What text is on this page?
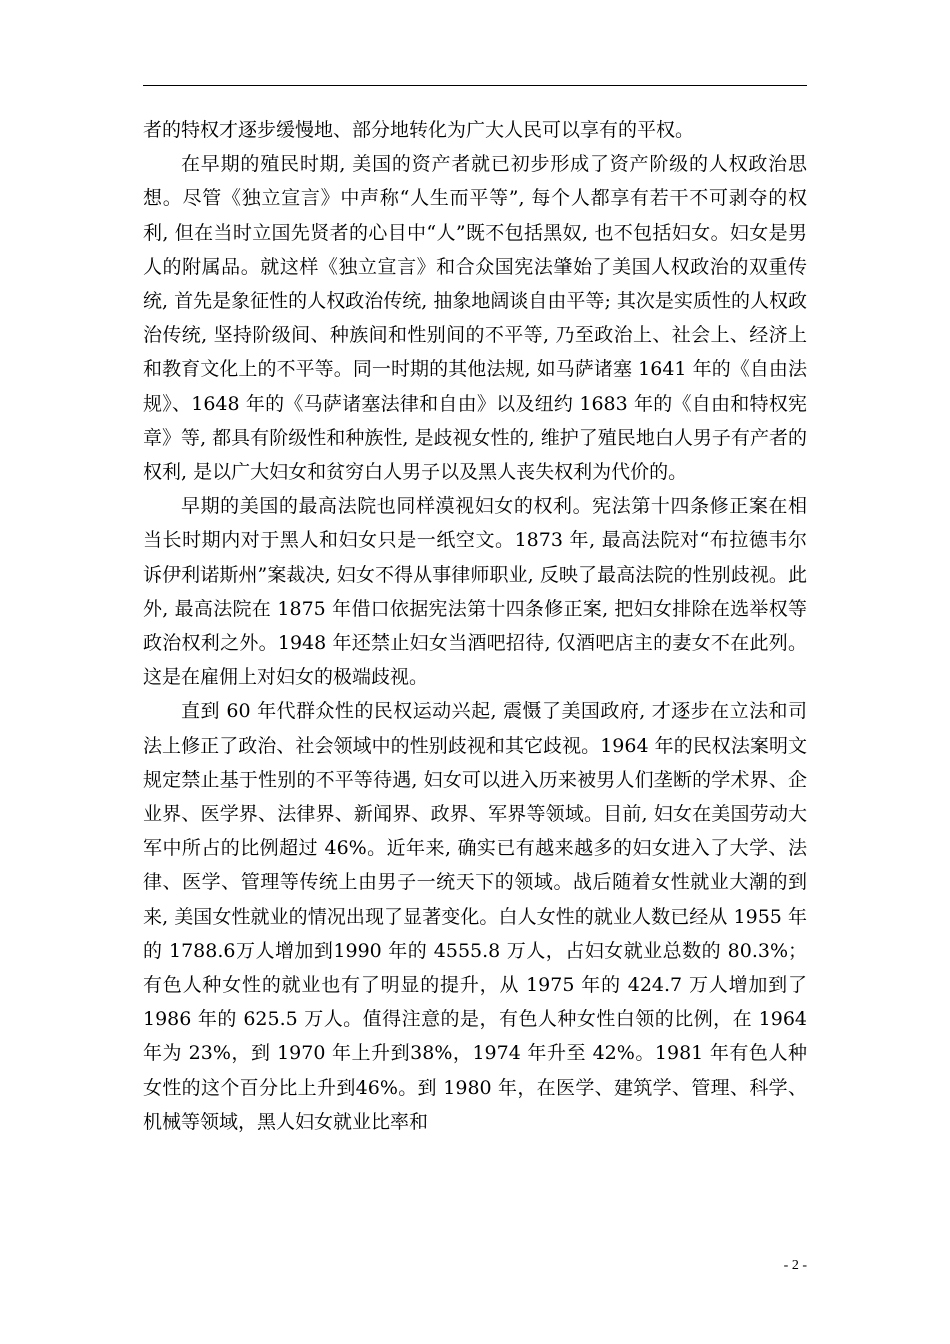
者的特权才逐步缓慢地、部分地转化为广大人民可以享有的平权。

在早期的殖民时期, 美国的资产者就已初步形成了资产阶级的人权政治思想。尽管《独立宣言》中声称“人生而平等”, 每个人都享有若干不可剥夺的权利, 但在当时立国先贤者的心目中“人”既不包括黑奴, 也不包括妇女。妇女是男人的附属品。就这样《独立宣言》和合众国宪法肇始了美国人权政治的双重传统, 首先是象征性的人权政治传统, 抽象地阔谈自由平等; 其次是实质性的人权政治传统, 坚持阶级间、种族间和性别间的不平等, 乃至政治上、社会上、经济上和教育文化上的不平等。同一时期的其他法规, 如马萨诸塞 1641 年的《自由法规》、1648 年的《马萨诸塞法律和自由》以及纽约 1683 年的《自由和特权宪章》等, 都具有阶级性和种族性, 是歧视女性的, 维护了殖民地白人男子有产者的权利, 是以广大妇女和贫穷白人男子以及黑人丧失权利为代价的。

早期的美国的最高法院也同样漠视妇女的权利。宪法第十四条修正案在相当长时期内对于黑人和妇女只是一纸空文。1873 年, 最高法院对“布拉德韦尔诉伊利诺斯州”案裁决, 妇女不得从事律师职业, 反映了最高法院的性别歧视。此外, 最高法院在 1875 年借口依据宪法第十四条修正案, 把妇女排除在选举权等政治权利之外。1948 年还禁止妇女当酒吧招待, 仅酒吧店主的妻女不在此列。这是在雇佣上对妇女的极端歧视。

直到 60 年代群众性的民权运动兴起, 震慑了美国政府, 才逐步在立法和司法上修正了政治、社会领域中的性别歧视和其它歧视。1964 年的民权法案明文规定禁止基于性别的不平等待遇, 妇女可以进入历来被男人们垄断的学术界、企业界、医学界、法律界、新闻界、政界、军界等领域。目前, 妇女在美国劳动大军中所占的比例超过 46%。近年来, 确实已有越来越多的妇女进入了大学、法律、医学、管理等传统上由男子一统天下的领域。战后随着女性就业大潮的到来, 美国女性就业的情况出现了显著变化。白人女性的就业人数已经从 1955 年的 1788.6万人增加到1990 年的 4555.8 万人，占妇女就业总数的 80.3%；有色人种女性的就业也有了明显的提升，从 1975 年的 424.7 万人增加到了 1986 年的 625.5 万人。值得注意的是，有色人种女性白领的比例，在 1964 年为 23%，到 1970 年上升到38%，1974 年升至 42%。1981 年有色人种女性的这个百分比上升到46%。到 1980 年，在医学、建筑学、管理、科学、机械等领域，黑人妇女就业比率和

- 2 -
